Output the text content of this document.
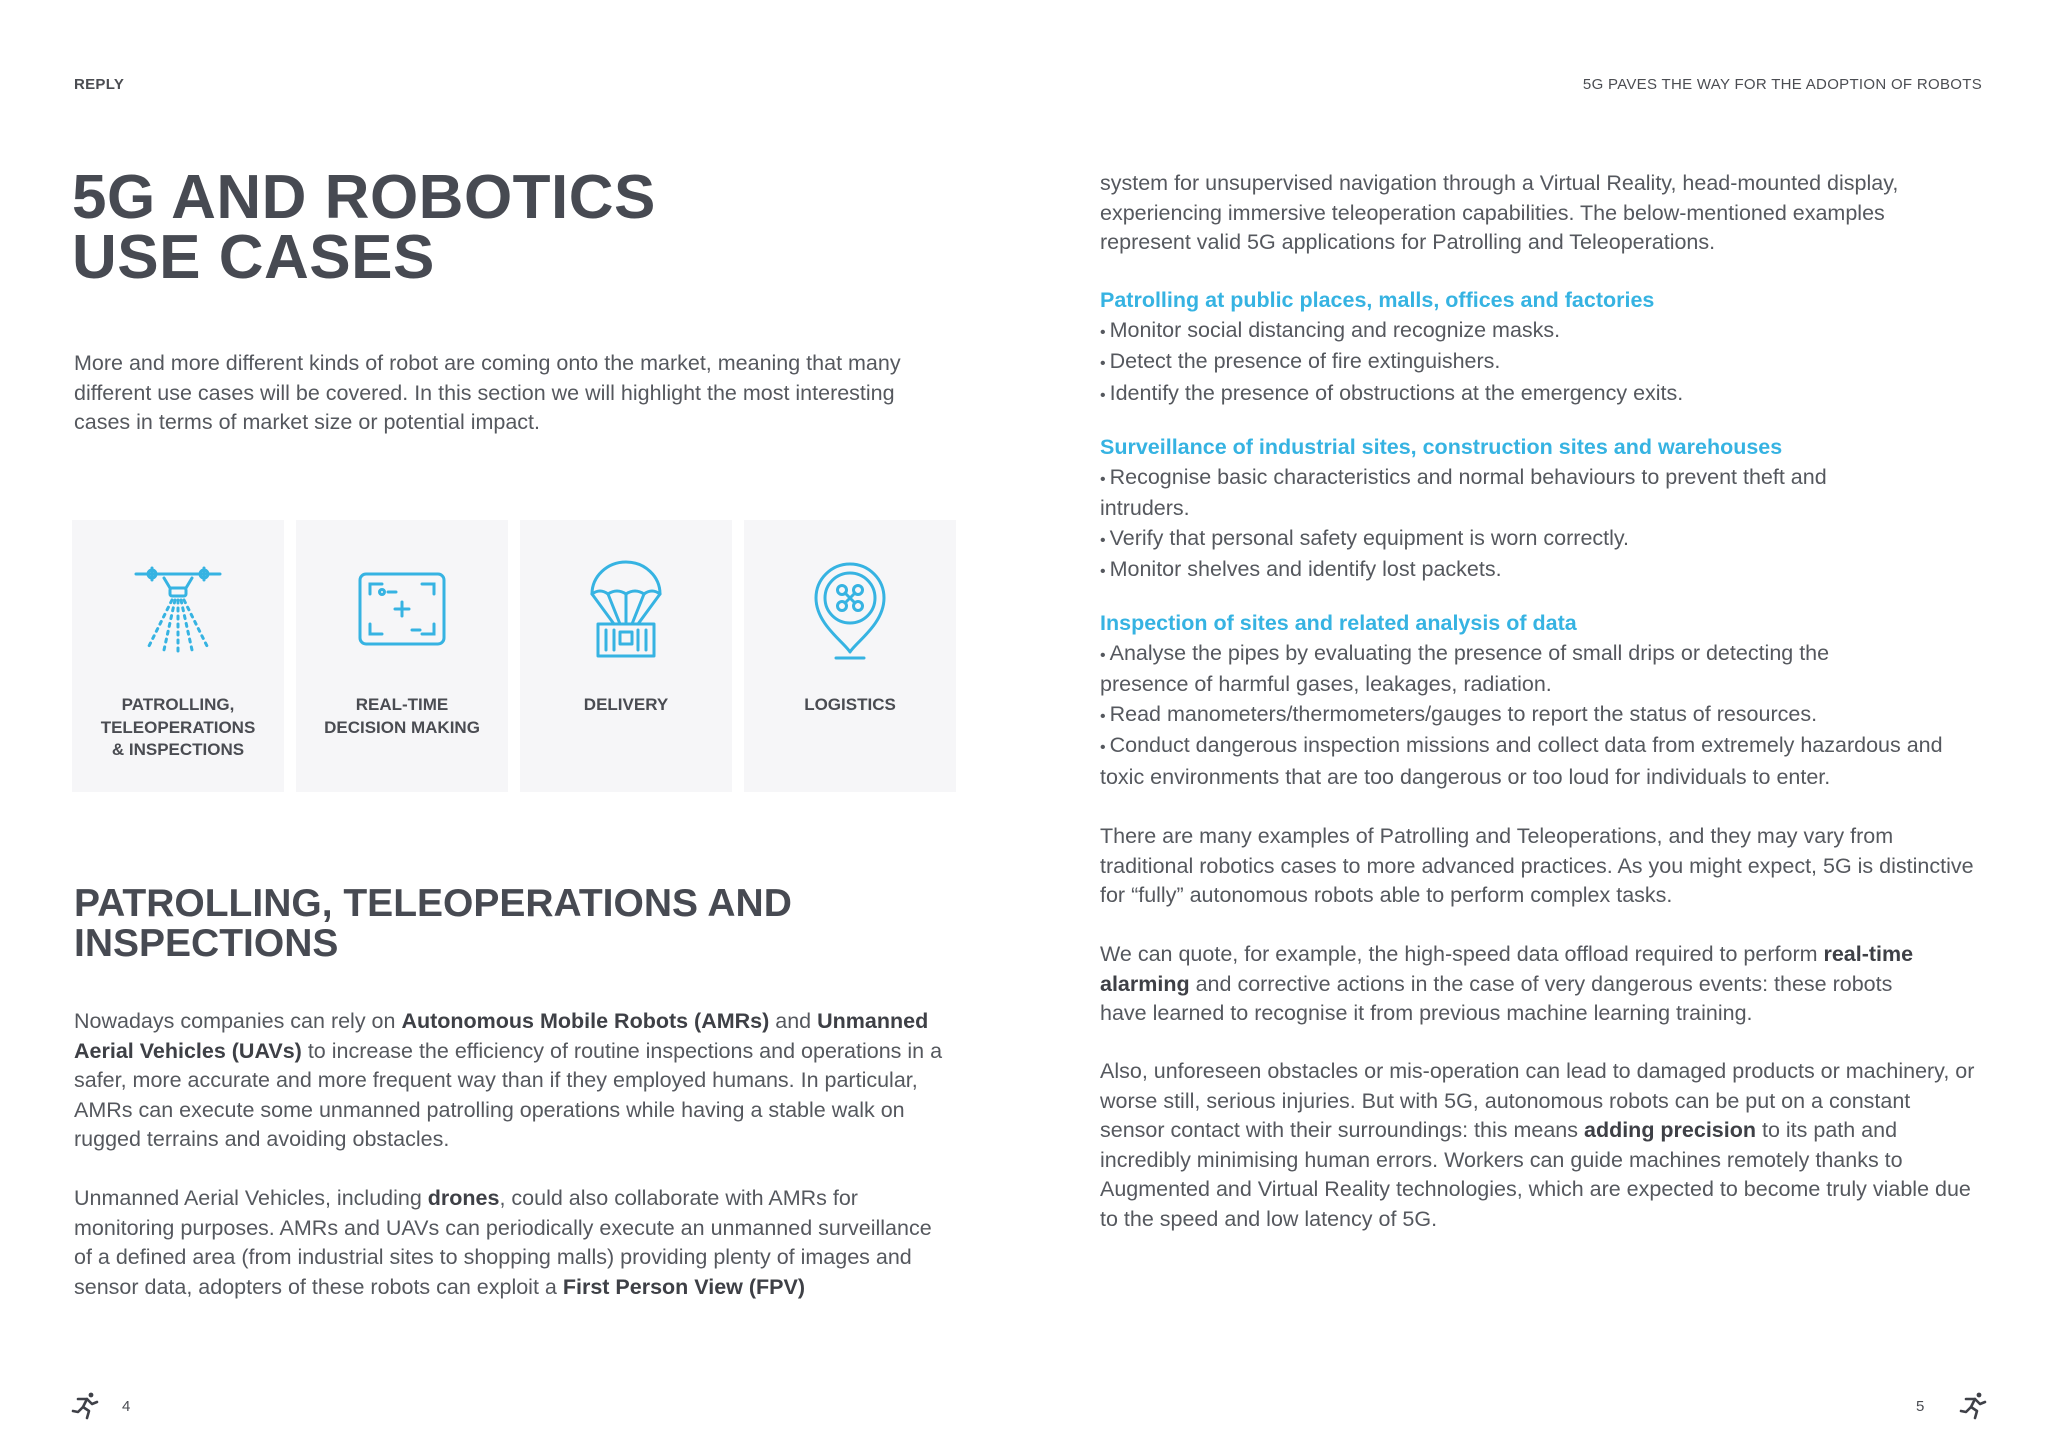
REPLY	5G PAVES THE WAY FOR THE ADOPTION OF ROBOTS
5G AND ROBOTICS
USE CASES

More and more different kinds of robot are coming onto the market, meaning that many different use cases will be covered. In this section we will highlight the most interesting cases in terms of market size or potential impact.

PATROLLING,
TELEOPERATIONS
& INSPECTIONS
REAL-TIME
DECISION MAKING
DELIVERY	LOGISTICS
PATROLLING, TELEOPERATIONS AND
INSPECTIONS

Nowadays companies can rely on Autonomous Mobile Robots (AMRs) and Unmanned Aerial Vehicles (UAVs) to increase the efficiency of routine inspections and operations in a safer, more accurate and more frequent way than if they employed humans. In particular, AMRs can execute some unmanned patrolling operations while having a stable walk on rugged terrains and avoiding obstacles.

Unmanned Aerial Vehicles, including drones, could also collaborate with AMRs for monitoring purposes. AMRs and UAVs can periodically execute an unmanned surveillance of a defined area (from industrial sites to shopping malls) providing plenty of images and sensor data, adopters of these robots can exploit a First Person View (FPV)

system for unsupervised navigation through a Virtual Reality, head-mounted display, experiencing immersive teleoperation capabilities. The below-mentioned examples represent valid 5G applications for Patrolling and Teleoperations.

Patrolling at public places, malls, offices and factories

• Monitor social distancing and recognize masks.
• Detect the presence of fire extinguishers.
• Identify the presence of obstructions at the emergency exits.

Surveillance of industrial sites, construction sites and warehouses

• Recognise basic characteristics and normal behaviours to prevent theft and intruders.
• Verify that personal safety equipment is worn correctly.
• Monitor shelves and identify lost packets.

Inspection of sites and related analysis of data

• Analyse the pipes by evaluating the presence of small drips or detecting the presence of harmful gases, leakages, radiation.
• Read manometers/thermometers/gauges to report the status of resources.
• Conduct dangerous inspection missions and collect data from extremely hazardous and toxic environments that are too dangerous or too loud for individuals to enter.

There are many examples of Patrolling and Teleoperations, and they may vary from traditional robotics cases to more advanced practices. As you might expect, 5G is distinctive for “fully” autonomous robots able to perform complex tasks.

We can quote, for example, the high-speed data offload required to perform real-time alarming and corrective actions in the case of very dangerous events: these robots have learned to recognise it from previous machine learning training.

Also, unforeseen obstacles or mis-operation can lead to damaged products or machinery, or worse still, serious injuries. But with 5G, autonomous robots can be put on a constant sensor contact with their surroundings: this means adding precision to its path and incredibly minimising human errors. Workers can guide machines remotely thanks to Augmented and Virtual Reality technologies, which are expected to become truly viable due to the speed and low latency of 5G.

4	5
